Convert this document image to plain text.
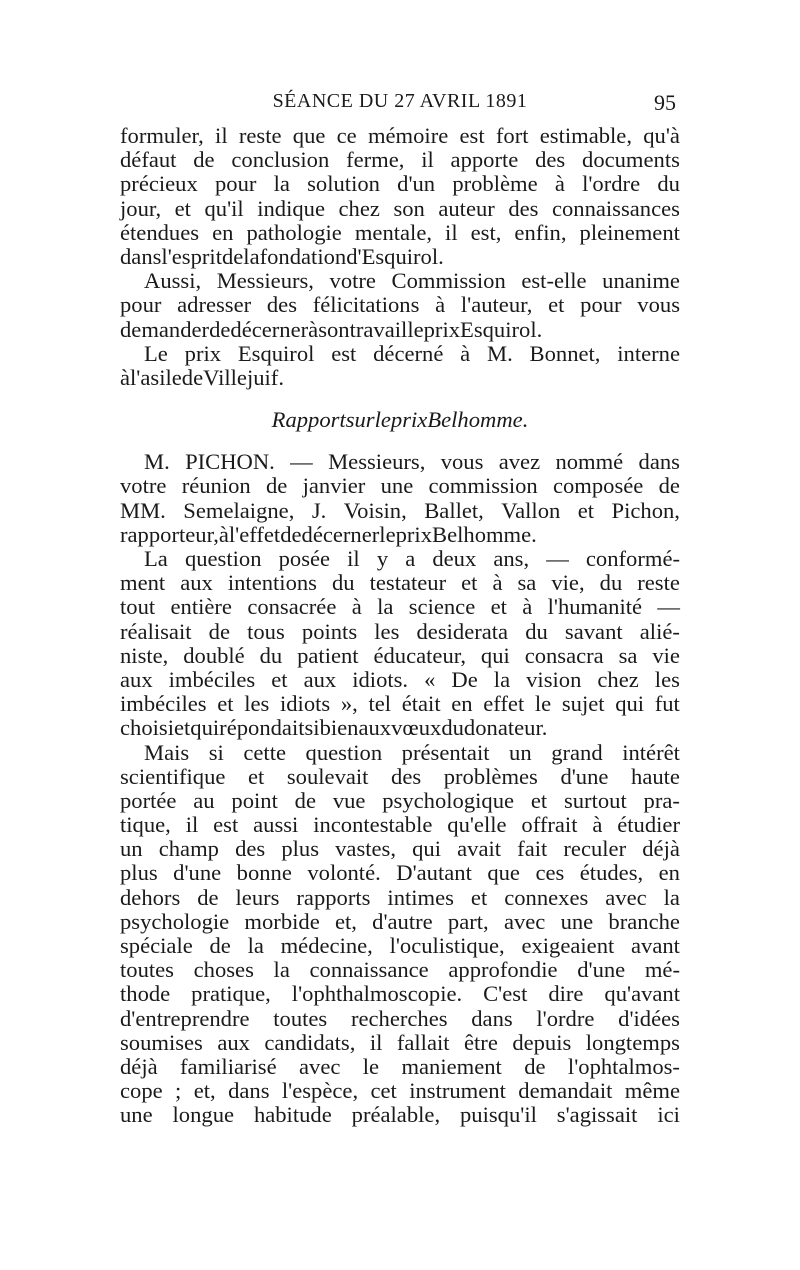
SÉANCE DU 27 AVRIL 1891	95
formuler, il reste que ce mémoire est fort estimable, qu'à
défaut de conclusion ferme, il apporte des documents
précieux pour la solution d'un problème à l'ordre du
jour, et qu'il indique chez son auteur des connaissances
étendues en pathologie mentale, il est, enfin, pleinement
dans l'esprit de la fondation d'Esquirol.
Aussi, Messieurs, votre Commission est-elle unanime
pour adresser des félicitations à l'auteur, et pour vous
demander de décerner à son travail le prix Esquirol.
Le prix Esquirol est décerné à M. Bonnet, interne
à l'asile de Villejuif.
Rapport sur le prix Belhomme.
M. PICHON. — Messieurs, vous avez nommé dans
votre réunion de janvier une commission composée de
MM. Semelaigne, J. Voisin, Ballet, Vallon et Pichon,
rapporteur, à l'effet de décerner le prix Belhomme.
La question posée il y a deux ans, — conformé-
ment aux intentions du testateur et à sa vie, du reste
tout entière consacrée à la science et à l'humanité —
réalisait de tous points les desiderata du savant alié-
niste, doublé du patient éducateur, qui consacra sa vie
aux imbéciles et aux idiots. « De la vision chez les
imbéciles et les idiots », tel était en effet le sujet qui fut
choisi et qui répondait si bien aux vœux du donateur.
Mais si cette question présentait un grand intérêt
scientifique et soulevait des problèmes d'une haute
portée au point de vue psychologique et surtout pra-
tique, il est aussi incontestable qu'elle offrait à étudier
un champ des plus vastes, qui avait fait reculer déjà
plus d'une bonne volonté. D'autant que ces études, en
dehors de leurs rapports intimes et connexes avec la
psychologie morbide et, d'autre part, avec une branche
spéciale de la médecine, l'oculistique, exigeaient avant
toutes choses la connaissance approfondie d'une mé-
thode pratique, l'ophthalmoscopie. C'est dire qu'avant
d'entreprendre toutes recherches dans l'ordre d'idées
soumises aux candidats, il fallait être depuis longtemps
déjà familiarisé avec le maniement de l'ophtalmos-
cope ; et, dans l'espèce, cet instrument demandait même
une longue habitude préalable, puisqu'il s'agissait ici
